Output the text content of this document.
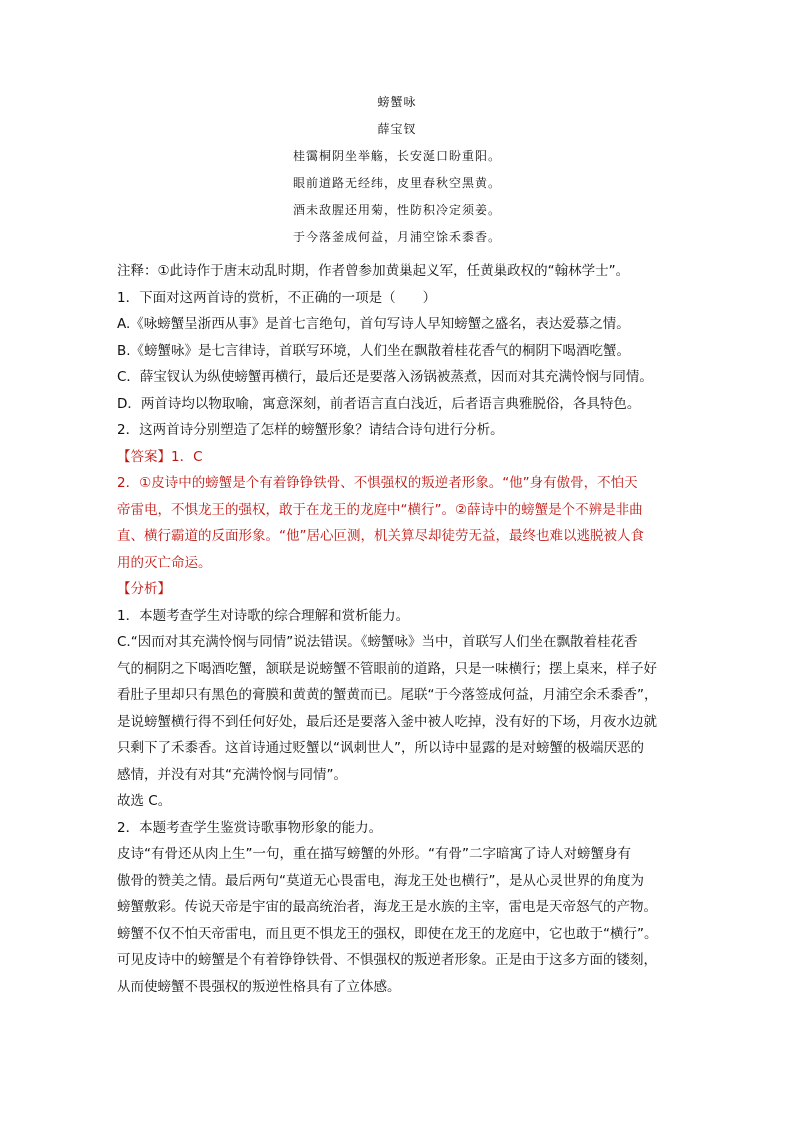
螃蟹咏
薛宝钗
桂霭桐阴坐举觞，长安涎口盼重阳。
眼前道路无经纬，皮里春秋空黑黄。
酒未敌腥还用菊，性防积冷定须姜。
于今落釜成何益，月浦空馀禾黍香。

注释：①此诗作于唐末动乱时期，作者曾参加黄巢起义军，任黄巢政权的“翰林学士”。

1．下面对这两首诗的赏析，不正确的一项是（　　）

A.《咏螃蟹呈浙西从事》是首七言绝句，首句写诗人早知螃蟹之盛名，表达爱慕之情。

B.《螃蟹咏》是七言律诗，首联写环境，人们坐在飘散着桂花香气的桐阴下喝酒吃蟹。

C．薛宝钗认为纵使螃蟹再横行，最后还是要落入汤锅被蒸煮，因而对其充满怜悯与同情。

D．两首诗均以物取喻，寓意深刻，前者语言直白浅近，后者语言典雅脱俗，各具特色。

2．这两首诗分别塑造了怎样的螃蟹形象？请结合诗句进行分析。

【答案】1．C

2．①皮诗中的螃蟹是个有着铮铮铁骨、不惧强权的叛逆者形象。“他”身有傲骨，不怕天

帝雷电，不惧龙王的强权，敢于在龙王的龙庭中“横行”。②薛诗中的螃蟹是个不辨是非曲

直、横行霸道的反面形象。“他”居心叵测，机关算尽却徒劳无益，最终也难以逃脱被人食

用的灭亡命运。

【分析】

1．本题考查学生对诗歌的综合理解和赏析能力。

C.“因而对其充满怜悯与同情”说法错误。《螃蟹咏》当中，首联写人们坐在飘散着桂花香

气的桐阴之下喝酒吃蟹，颔联是说螃蟹不管眼前的道路，只是一味横行；摆上桌来，样子好

看肚子里却只有黑色的膏膜和黄黄的蟹黄而已。尾联“于今落签成何益，月浦空余禾黍香”，

是说螃蟹横行得不到任何好处，最后还是要落入釜中被人吃掉，没有好的下场，月夜水边就

只剩下了禾黍香。这首诗通过贬蟹以“讽刺世人”，所以诗中显露的是对螃蟹的极端厌恶的

感情，并没有对其“充满怜悯与同情”。

故选 C。

2．本题考查学生鉴赏诗歌事物形象的能力。

皮诗“有骨还从肉上生”一句，重在描写螃蟹的外形。“有骨”二字暗寓了诗人对螃蟹身有

傲骨的赞美之情。最后两句“莫道无心畏雷电，海龙王处也横行”，是从心灵世界的角度为

螃蟹敷彩。传说天帝是宇宙的最高统治者，海龙王是水族的主宰，雷电是天帝怒气的产物。

螃蟹不仅不怕天帝雷电，而且更不惧龙王的强权，即使在龙王的龙庭中，它也敢于“横行”。

可见皮诗中的螃蟹是个有着铮铮铁骨、不惧强权的叛逆者形象。正是由于这多方面的镂刻，

从而使螃蟹不畏强权的叛逆性格具有了立体感。
